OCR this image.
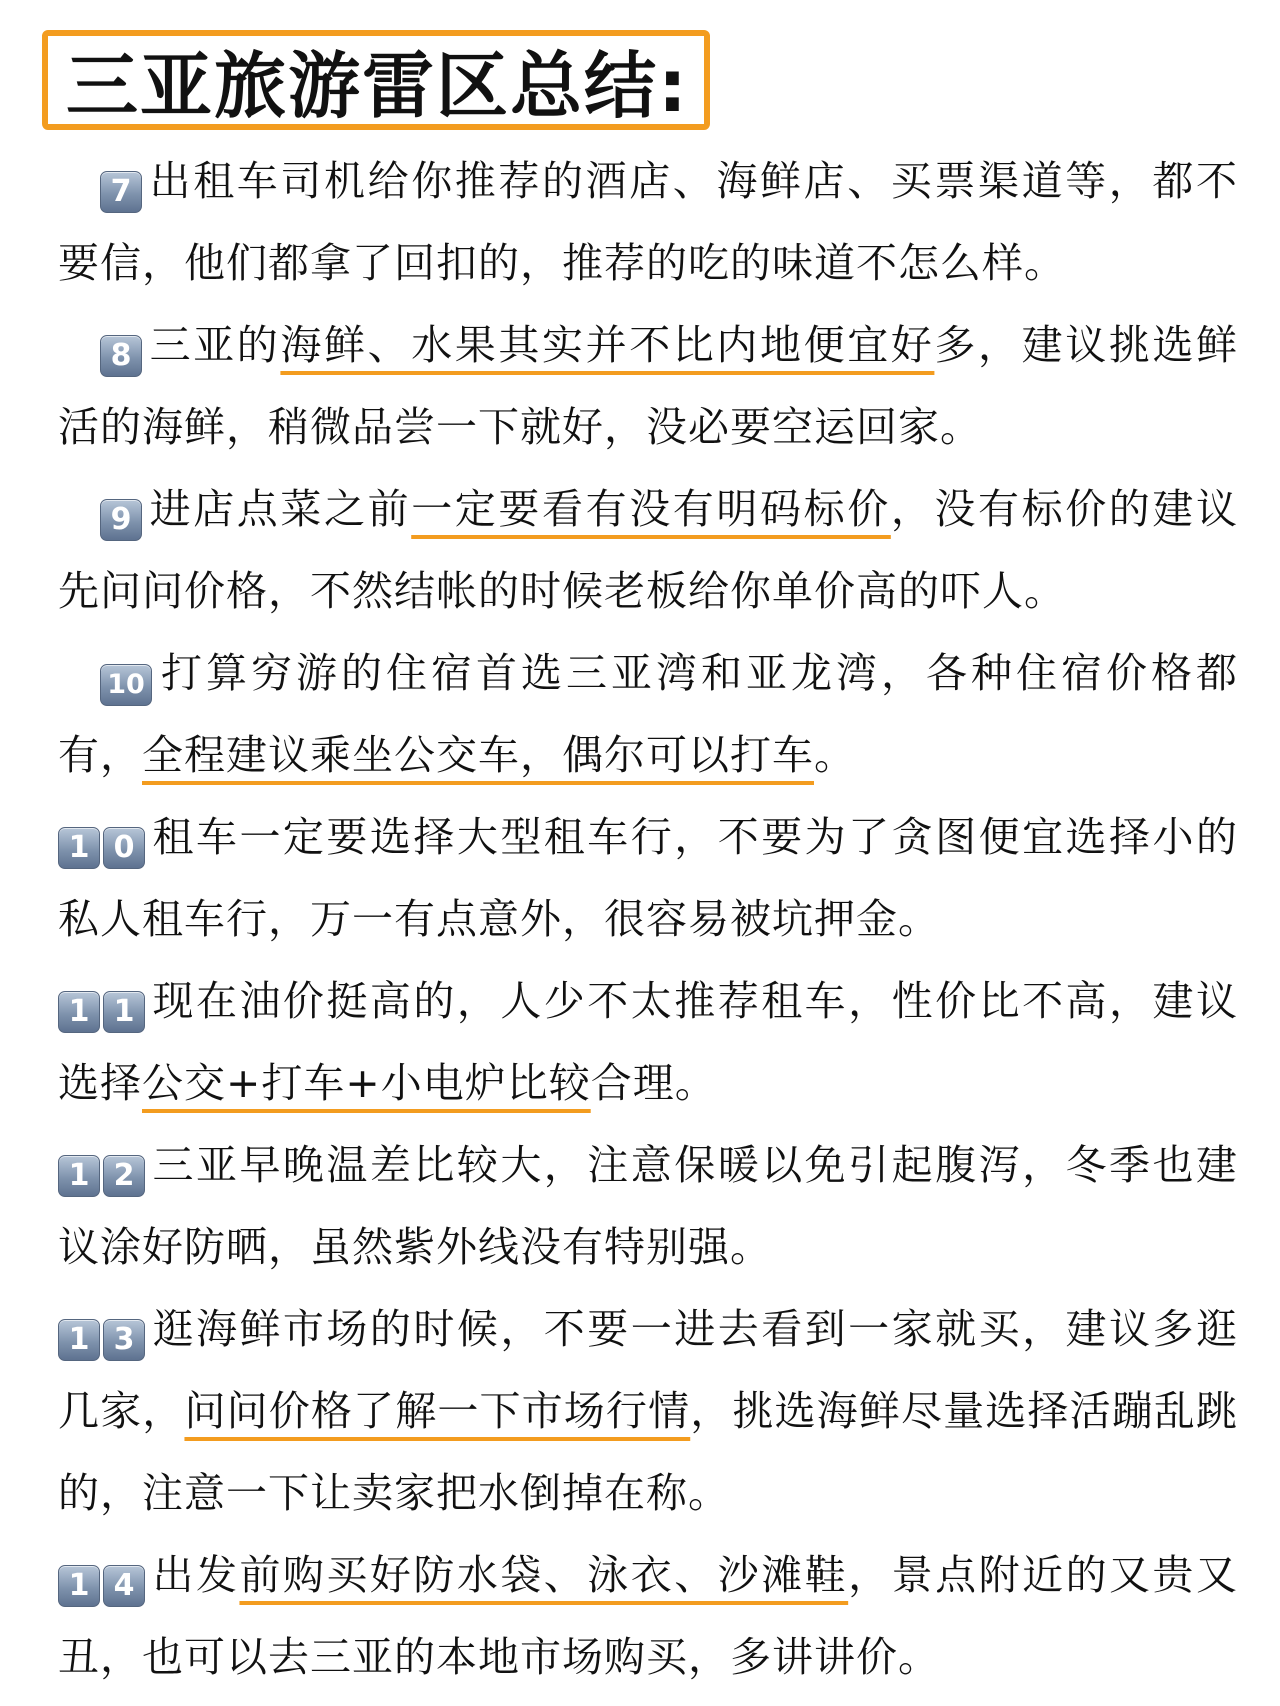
三亚旅游雷区总结:
7 出租车司机给你推荐的酒店、海鲜店、买票渠道等，都不要信，他们都拿了回扣的，推荐的吃的味道不怎么样。
8 三亚的海鲜、水果其实并不比内地便宜好多，建议挑选鲜活的海鲜，稍微品尝一下就好，没必要空运回家。
9 进店点菜之前一定要看有没有明码标价，没有标价的建议先问问价格，不然结帐的时候老板给你单价高的吓人。
10 打算穷游的住宿首选三亚湾和亚龙湾，各种住宿价格都有，全程建议乘坐公交车，偶尔可以打车。
1 0 租车一定要选择大型租车行，不要为了贪图便宜选择小的私人租车行，万一有点意外，很容易被坑押金。
1 1 现在油价挺高的，人少不太推荐租车，性价比不高，建议选择公交+打车+小电炉比较合理。
1 2 三亚早晚温差比较大，注意保暖以免引起腹泻，冬季也建议涂好防晒，虽然紫外线没有特别强。
1 3 逛海鲜市场的时候，不要一进去看到一家就买，建议多逛几家，问问价格了解一下市场行情，挑选海鲜尽量选择活蹦乱跳的，注意一下让卖家把水倒掉在称。
1 4 出发前购买好防水袋、泳衣、沙滩鞋，景点附近的又贵又丑，也可以去三亚的本地市场购买，多讲讲价。
